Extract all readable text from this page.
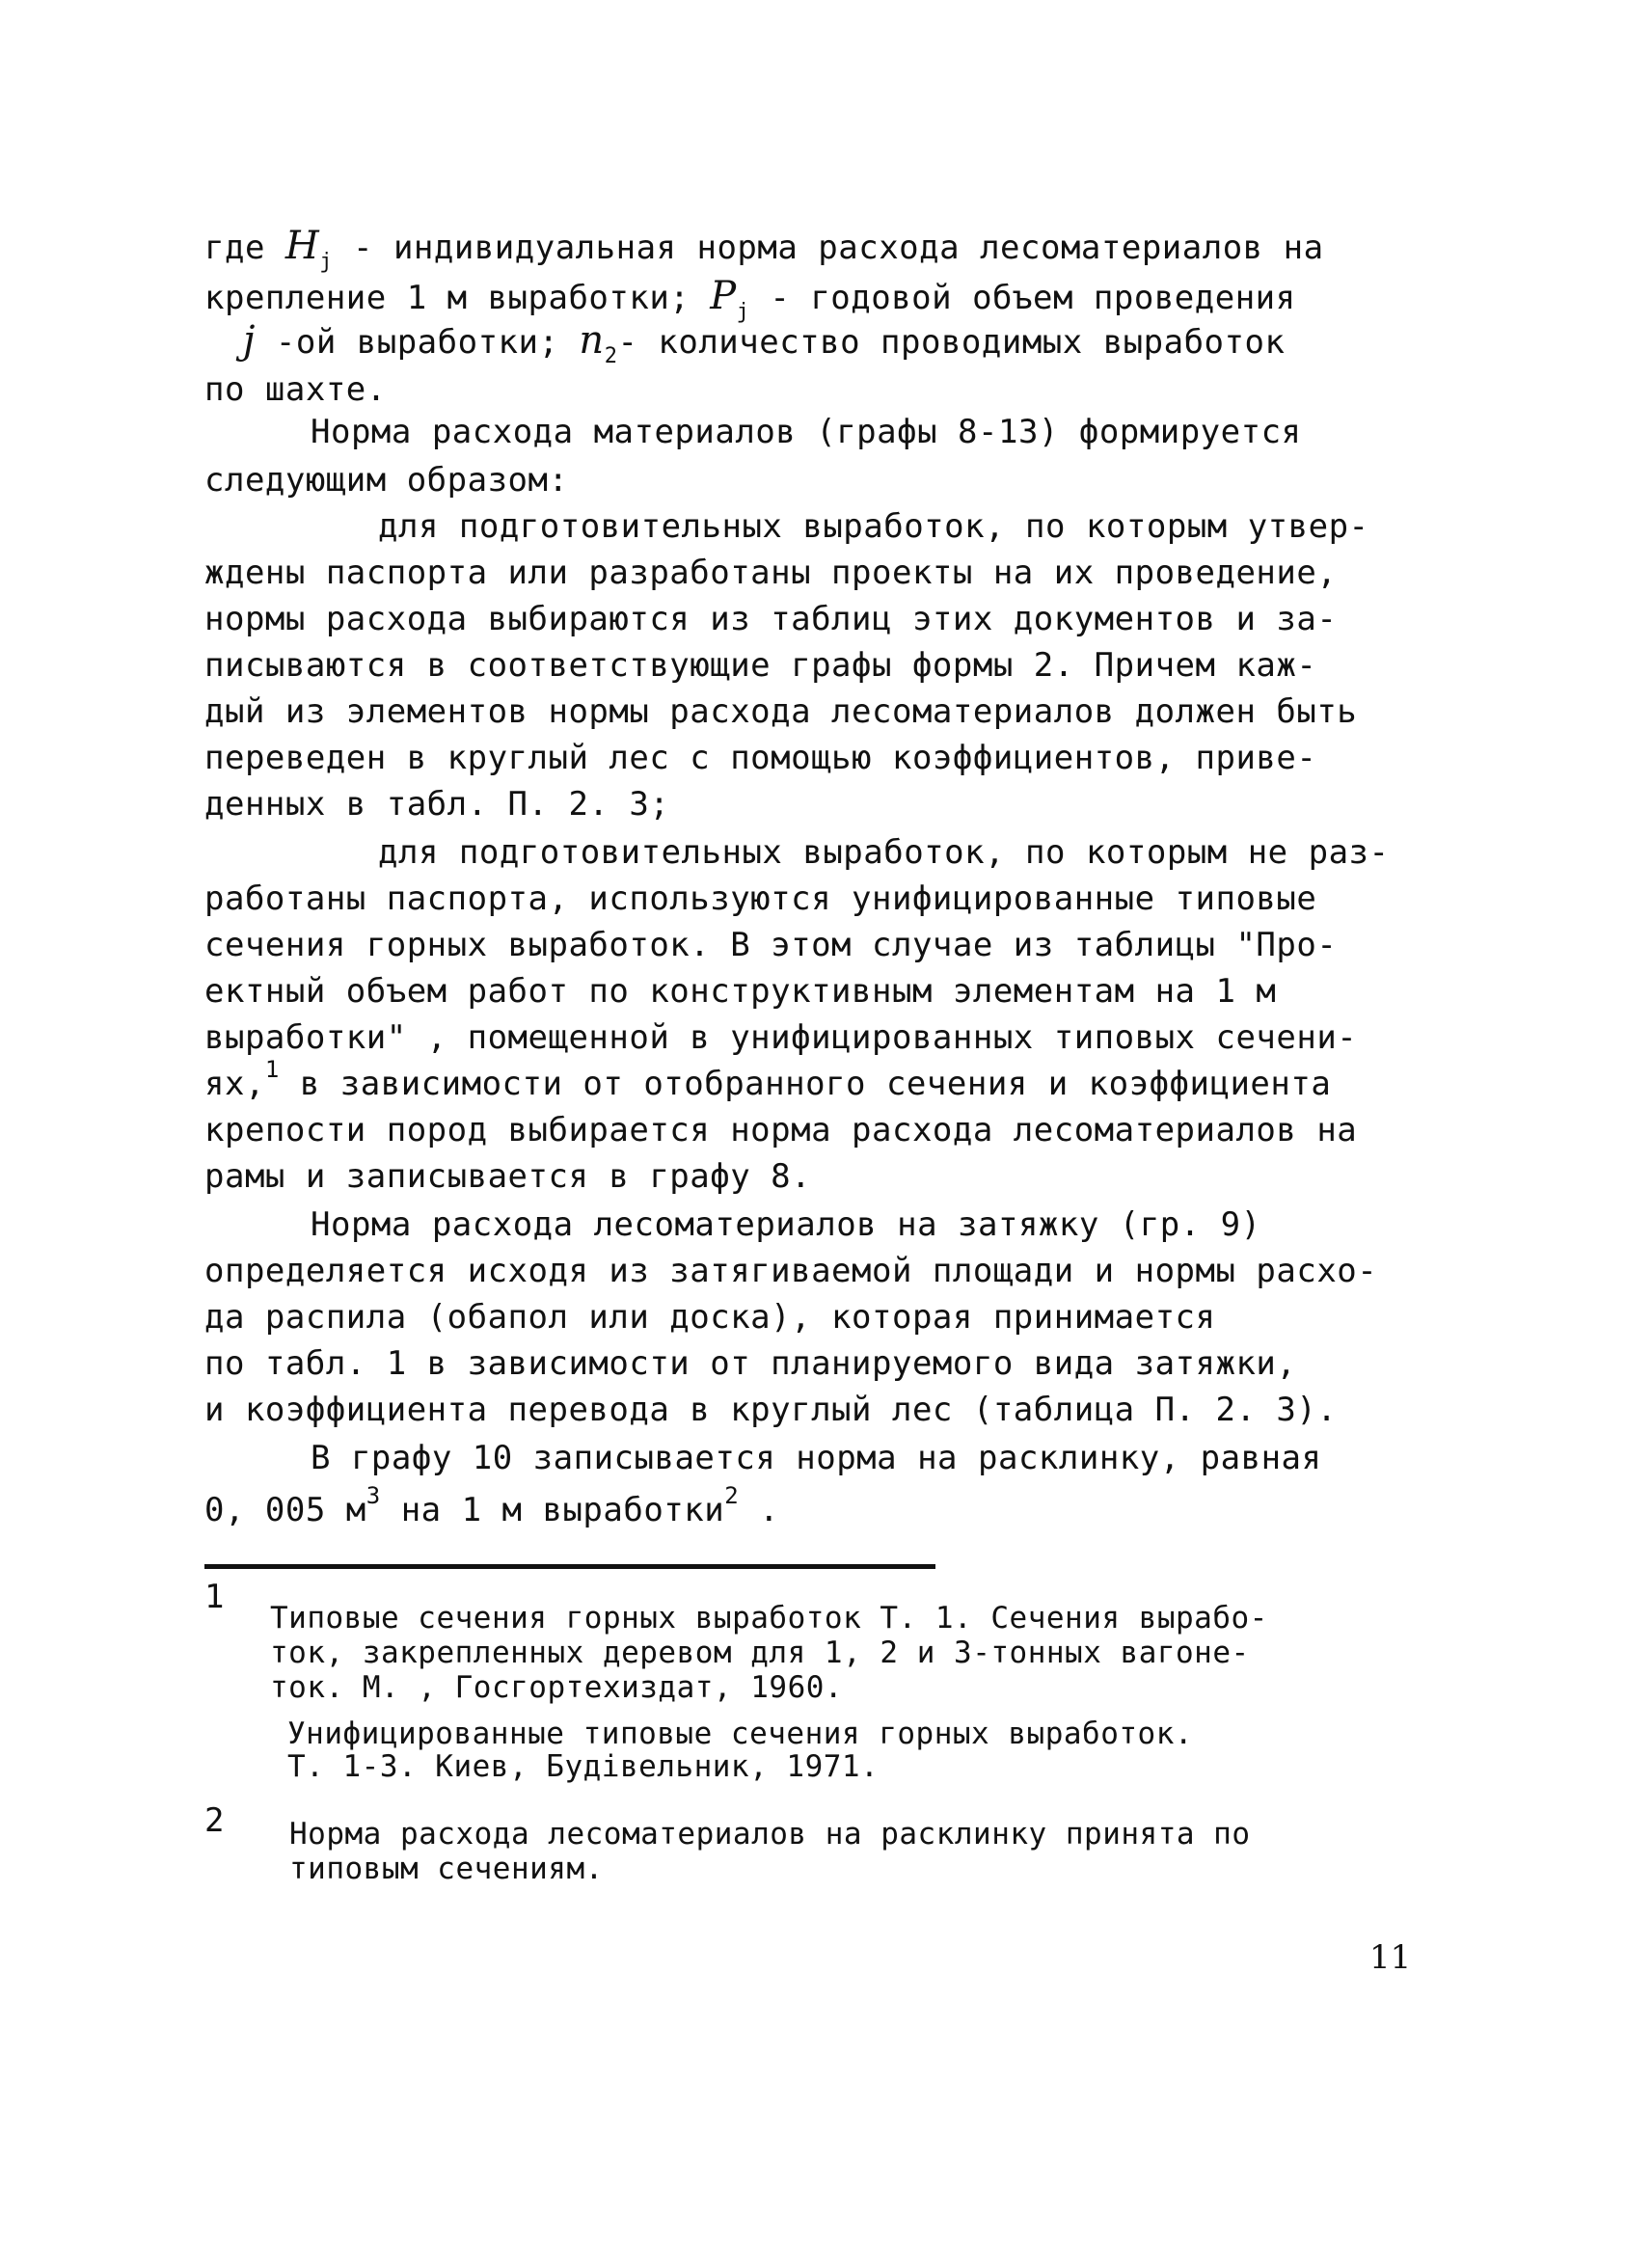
где $H_j$ - индивидуальная норма расхода лесоматериалов на
крепление 1 м выработки; $P_j$ - годовой объем проведения
j -ой выработки; $n_2-$ количество проводимых выработок
по шахте.
Норма расхода материалов (графы 8-13) формируется
следующим образом:
для подготовительных выработок, по которым утвер-
ждены паспорта или разработаны проекты на их проведение,
нормы расхода выбираются из таблиц этих документов и за-
писываются в соответствующие графы формы 2. Причем каж-
дый из элементов нормы расхода лесоматериалов должен быть
переведен в круглый лес с помощью коэффициентов, приве-
денных в табл. П. 2. 3;
для подготовительных выработок, по которым не раз-
работаны паспорта, используются унифицированные типовые
сечения горных выработок. В этом случае из таблицы "Про-
ектный объем работ по конструктивным элементам на 1 м
выработки" , помещенной в унифицированных типовых сечени-
ях,$^1$ в зависимости от отобранного сечения и коэффициента
крепости пород выбирается норма расхода лесоматериалов на
рамы и записывается в графу 8.
Норма расхода лесоматериалов на затяжку (гр. 9)
определяется исходя из затягиваемой площади и нормы расхо-
да распила (обапол или доска), которая принимается
по табл. 1 в зависимости от планируемого вида затяжки,
и коэффициента перевода в круглый лес (таблица П. 2. 3).
В графу 10 записывается норма на расклинку, равная
0, 005 $м^3$ на 1 м выработки$^2$ .
1
Типовые сечения горных выработок Т. 1. Сечения вырабо-
ток, закрепленных деревом для 1, 2 и 3-тонных вагоне-
ток. М. , Госгортехиздат, 1960.
Унифицированные типовые сечения горных выработок.
Т. 1-3. Киев, Будiвельник, 1971.
2 Норма расхода лесоматериалов на расклинку принята по
типовым сечениям.
11
